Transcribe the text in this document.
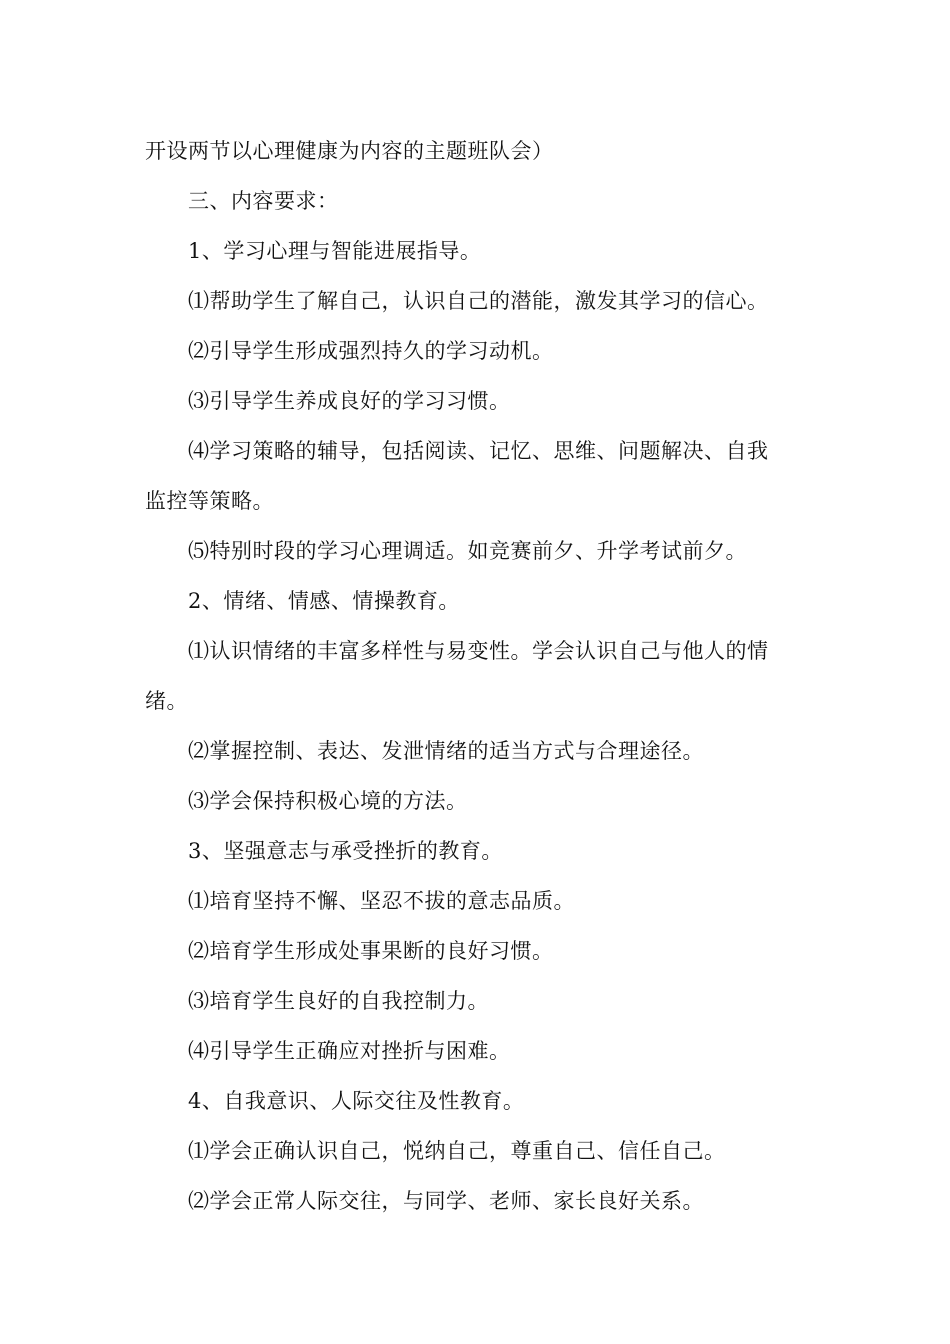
开设两节以心理健康为内容的主题班队会）
三、内容要求：
1、学习心理与智能进展指导。
⑴帮助学生了解自己，认识自己的潜能，激发其学习的信心。
⑵引导学生形成强烈持久的学习动机。
⑶引导学生养成良好的学习习惯。
⑷学习策略的辅导，包括阅读、记忆、思维、问题解决、自我
监控等策略。
⑸特别时段的学习心理调适。如竞赛前夕、升学考试前夕。
2、情绪、情感、情操教育。
⑴认识情绪的丰富多样性与易变性。学会认识自己与他人的情
绪。
⑵掌握控制、表达、发泄情绪的适当方式与合理途径。
⑶学会保持积极心境的方法。
3、坚强意志与承受挫折的教育。
⑴培育坚持不懈、坚忍不拔的意志品质。
⑵培育学生形成处事果断的良好习惯。
⑶培育学生良好的自我控制力。
⑷引导学生正确应对挫折与困难。
4、自我意识、人际交往及性教育。
⑴学会正确认识自己，悦纳自己，尊重自己、信任自己。
⑵学会正常人际交往，与同学、老师、家长良好关系。
